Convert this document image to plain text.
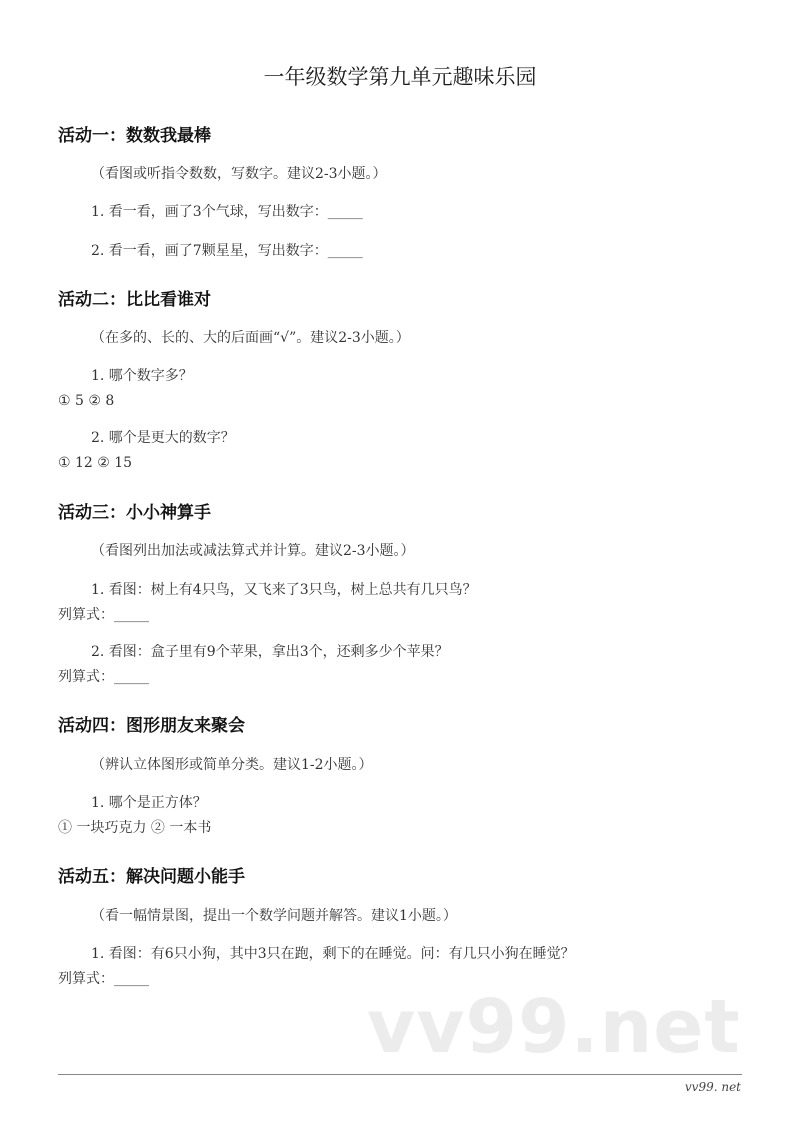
一年级数学第九单元趣味乐园
活动一：数数我最棒
（看图或听指令数数，写数字。建议2-3小题。）
1. 看一看，画了3个气球，写出数字：_____
2. 看一看，画了7颗星星，写出数字：_____
活动二：比比看谁对
（在多的、长的、大的后面画“√”。建议2-3小题。）
1. 哪个数字多？
① 5 ② 8
2. 哪个是更大的数字？
① 12 ② 15
活动三：小小神算手
（看图列出加法或减法算式并计算。建议2-3小题。）
1. 看图：树上有4只鸟，又飞来了3只鸟，树上总共有几只鸟？
列算式：_____
2. 看图：盒子里有9个苹果，拿出3个，还剩多少个苹果？
列算式：_____
活动四：图形朋友来聚会
（辨认立体图形或简单分类。建议1-2小题。）
1. 哪个是正方体？
① 一块巧克力 ② 一本书
活动五：解决问题小能手
（看一幅情景图，提出一个数学问题并解答。建议1小题。）
1. 看图：有6只小狗，其中3只在跑，剩下的在睡觉。问：有几只小狗在睡觉？
列算式：_____
vv99.net
vv99. net
